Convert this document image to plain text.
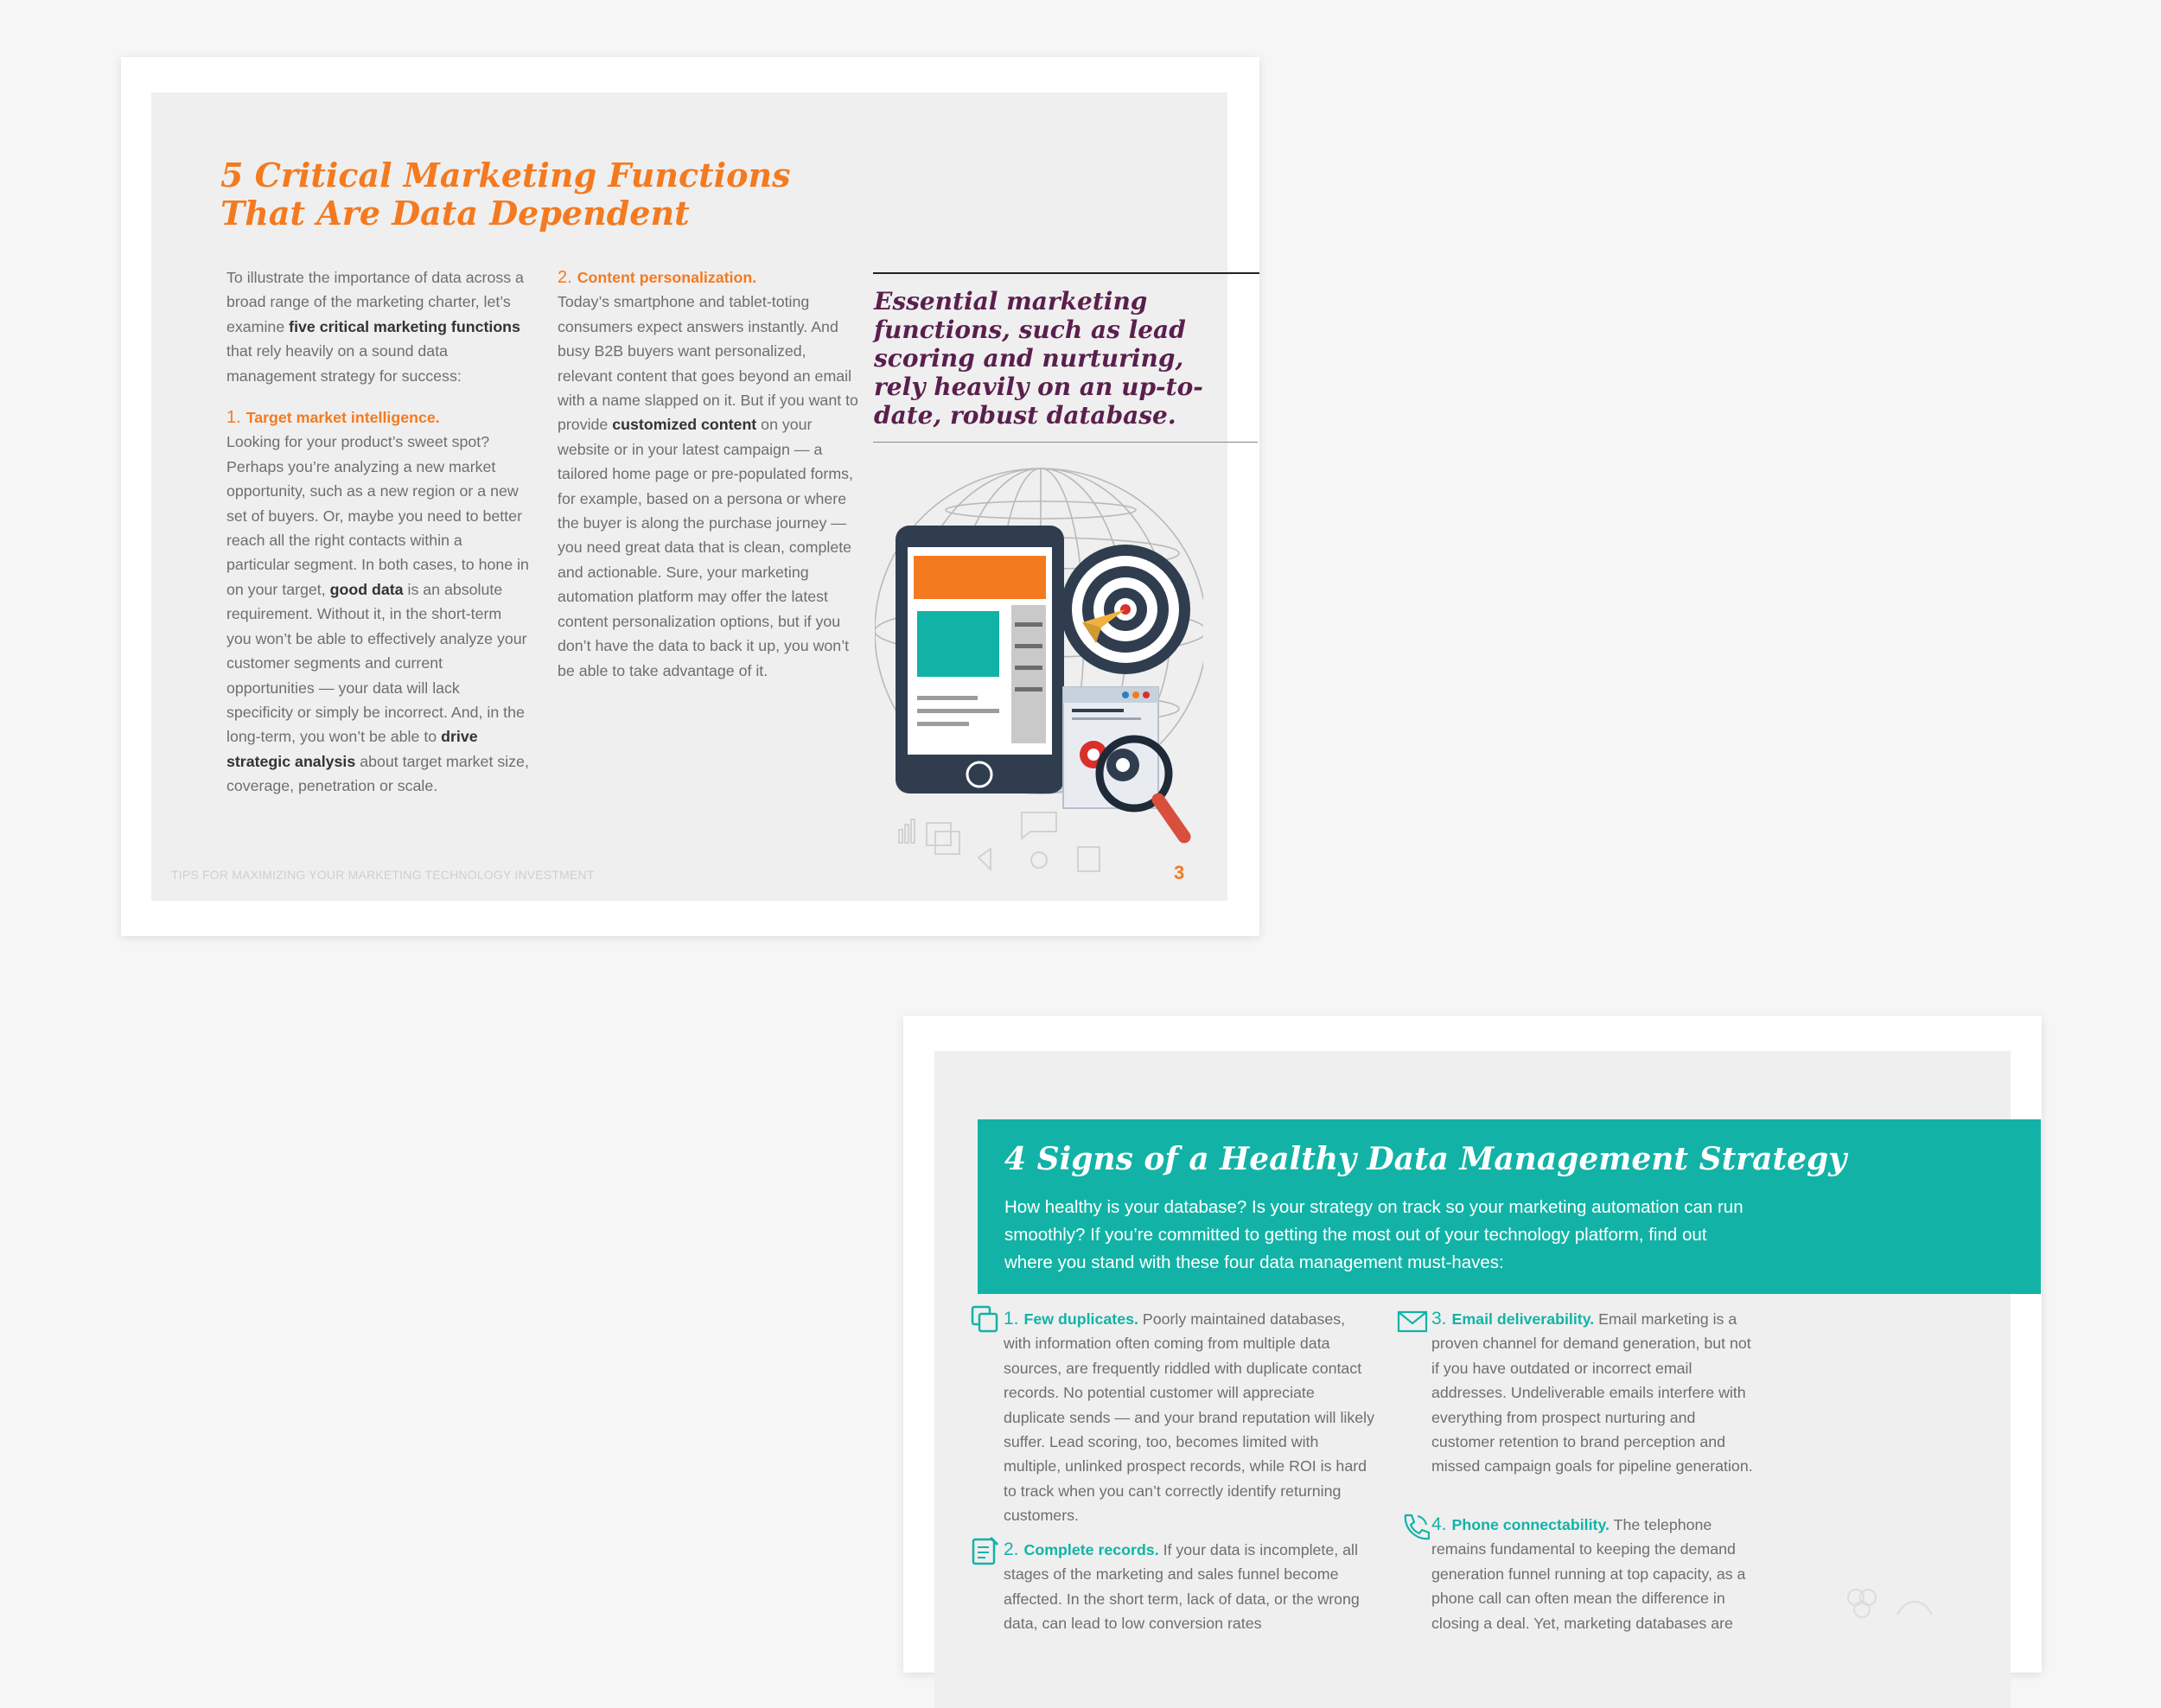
5 Critical Marketing Functions
That Are Data Dependent

To illustrate the importance of data across a broad range of the marketing charter, let’s examine five critical marketing functions that rely heavily on a sound data management strategy for success:

1. Target market intelligence.
Looking for your product’s sweet spot? Perhaps you’re analyzing a new market opportunity, such as a new region or a new set of buyers. Or, maybe you need to better reach all the right contacts within a particular segment. In both cases, to hone in on your target, good data is an absolute requirement. Without it, in the short-term you won’t be able to effectively analyze your customer segments and current opportunities — your data will lack specificity or simply be incorrect. And, in the long-term, you won’t be able to drive strategic analysis about target market size, coverage, penetration or scale.

2. Content personalization.
Today’s smartphone and tablet-toting consumers expect answers instantly. And busy B2B buyers want personalized, relevant content that goes beyond an email with a name slapped on it. But if you want to provide customized content on your website or in your latest campaign — a tailored home page or pre-populated forms, for example, based on a persona or where the buyer is along the purchase journey — you need great data that is clean, complete and actionable. Sure, your marketing automation platform may offer the latest content personalization options, but if you don’t have the data to back it up, you won’t be able to take advantage of it.

TIPS FOR MAXIMIZING YOUR MARKETING TECHNOLOGY INVESTMENT	3

Essential marketing functions, such as lead scoring and nurturing, rely heavily on an up-to-date, robust database.

4 Signs of a Healthy Data Management Strategy

How healthy is your database? Is your strategy on track so your marketing automation can run smoothly? If you’re committed to getting the most out of your technology platform, find out where you stand with these four data management must-haves:

1. Few duplicates. Poorly maintained databases, with information often coming from multiple data sources, are frequently riddled with duplicate contact records. No potential customer will appreciate duplicate sends — and your brand reputation will likely suffer. Lead scoring, too, becomes limited with multiple, unlinked prospect records, while ROI is hard to track when you can’t correctly identify returning customers.

2. Complete records. If your data is incomplete, all stages of the marketing and sales funnel become affected. In the short term, lack of data, or the wrong data, can lead to low conversion rates

3. Email deliverability. Email marketing is a proven channel for demand generation, but not if you have outdated or incorrect email addresses. Undeliverable emails interfere with everything from prospect nurturing and customer retention to brand perception and missed campaign goals for pipeline generation.

4. Phone connectability. The telephone remains fundamental to keeping the demand generation funnel running at top capacity, as a phone call can often mean the difference in closing a deal. Yet, marketing databases are
